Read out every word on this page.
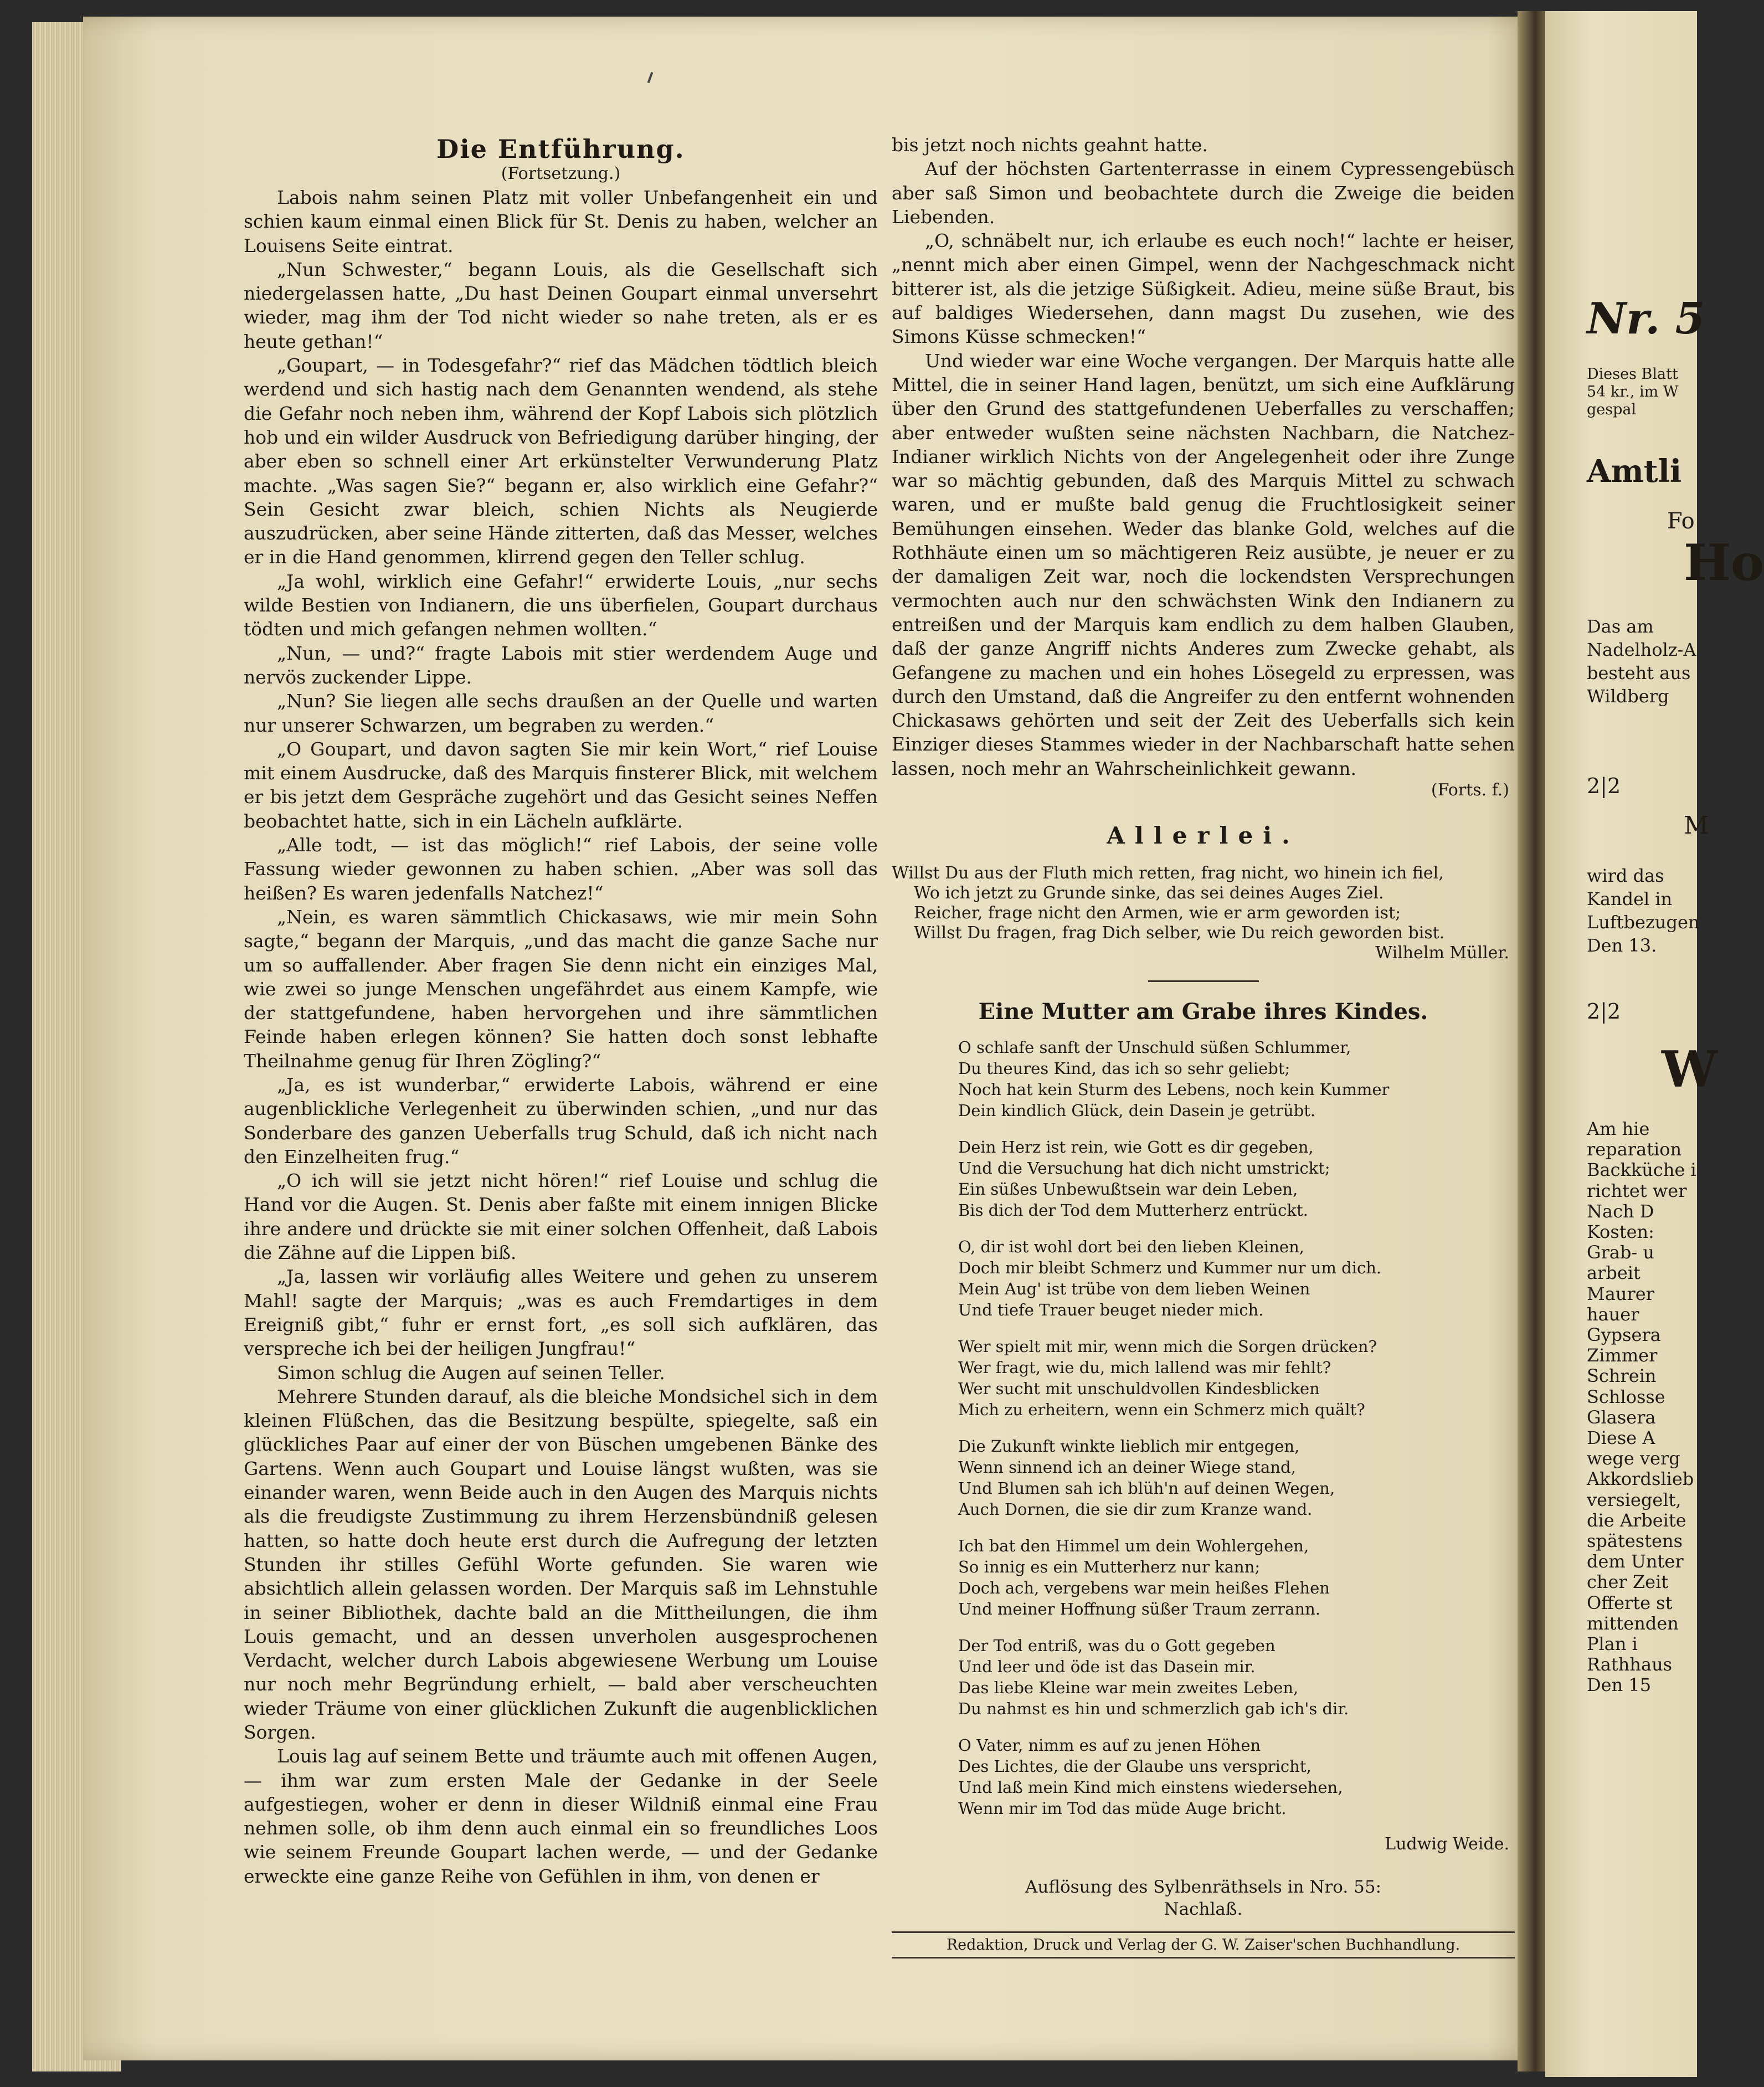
Die Entführung.
(Fortsetzung.)

Labois nahm seinen Platz mit voller Unbefangenheit ein und schien kaum einmal einen Blick für St. Denis zu haben, welcher an Louisens Seite eintrat.

„Nun Schwester,“ begann Louis, als die Gesellschaft sich niedergelassen hatte, „Du hast Deinen Goupart einmal unversehrt wieder, mag ihm der Tod nicht wieder so nahe treten, als er es heute gethan!“

„Goupart, — in Todesgefahr?“ rief das Mädchen tödtlich bleich werdend und sich hastig nach dem Genannten wendend, als stehe die Gefahr noch neben ihm, während der Kopf Labois sich plötzlich hob und ein wilder Ausdruck von Befriedigung darüber hinging, der aber eben so schnell einer Art erkünstelter Verwunderung Platz machte. „Was sagen Sie?“ begann er, also wirklich eine Gefahr?“ Sein Gesicht zwar bleich, schien Nichts als Neugierde auszudrücken, aber seine Hände zitterten, daß das Messer, welches er in die Hand genommen, klirrend gegen den Teller schlug.

„Ja wohl, wirklich eine Gefahr!“ erwiderte Louis, „nur sechs wilde Bestien von Indianern, die uns überfielen, Goupart durchaus tödten und mich gefangen nehmen wollten.“

„Nun, — und?“ fragte Labois mit stier werdendem Auge und nervös zuckender Lippe.

„Nun? Sie liegen alle sechs draußen an der Quelle und warten nur unserer Schwarzen, um begraben zu werden.“

„O Goupart, und davon sagten Sie mir kein Wort,“ rief Louise mit einem Ausdrucke, daß des Marquis finsterer Blick, mit welchem er bis jetzt dem Gespräche zugehört und das Gesicht seines Neffen beobachtet hatte, sich in ein Lächeln aufklärte.

„Alle todt, — ist das möglich!“ rief Labois, der seine volle Fassung wieder gewonnen zu haben schien. „Aber was soll das heißen? Es waren jedenfalls Natchez!“

„Nein, es waren sämmtlich Chickasaws, wie mir mein Sohn sagte,“ begann der Marquis, „und das macht die ganze Sache nur um so auffallender. Aber fragen Sie denn nicht ein einziges Mal, wie zwei so junge Menschen ungefährdet aus einem Kampfe, wie der stattgefundene, haben hervorgehen und ihre sämmtlichen Feinde haben erlegen können? Sie hatten doch sonst lebhafte Theilnahme genug für Ihren Zögling?“

„Ja, es ist wunderbar,“ erwiderte Labois, während er eine augenblickliche Verlegenheit zu überwinden schien, „und nur das Sonderbare des ganzen Ueberfalls trug Schuld, daß ich nicht nach den Einzelheiten frug.“

„O ich will sie jetzt nicht hören!“ rief Louise und schlug die Hand vor die Augen. St. Denis aber faßte mit einem innigen Blicke ihre andere und drückte sie mit einer solchen Offenheit, daß Labois die Zähne auf die Lippen biß.

„Ja, lassen wir vorläufig alles Weitere und gehen zu unserem Mahl! sagte der Marquis; „was es auch Fremdartiges in dem Ereigniß gibt,“ fuhr er ernst fort, „es soll sich aufklären, das verspreche ich bei der heiligen Jungfrau!“

Simon schlug die Augen auf seinen Teller.

Mehrere Stunden darauf, als die bleiche Mondsichel sich in dem kleinen Flüßchen, das die Besitzung bespülte, spiegelte, saß ein glückliches Paar auf einer der von Büschen umgebenen Bänke des Gartens. Wenn auch Goupart und Louise längst wußten, was sie einander waren, wenn Beide auch in den Augen des Marquis nichts als die freudigste Zustimmung zu ihrem Herzensbündniß gelesen hatten, so hatte doch heute erst durch die Aufregung der letzten Stunden ihr stilles Gefühl Worte gefunden. Sie waren wie absichtlich allein gelassen worden. Der Marquis saß im Lehnstuhle in seiner Bibliothek, dachte bald an die Mittheilungen, die ihm Louis gemacht, und an dessen unverholen ausgesprochenen Verdacht, welcher durch Labois abgewiesene Werbung um Louise nur noch mehr Begründung erhielt, — bald aber verscheuchten wieder Träume von einer glücklichen Zukunft die augenblicklichen Sorgen.

Louis lag auf seinem Bette und träumte auch mit offenen Augen, — ihm war zum ersten Male der Gedanke in der Seele aufgestiegen, woher er denn in dieser Wildniß einmal eine Frau nehmen solle, ob ihm denn auch einmal ein so freundliches Loos wie seinem Freunde Goupart lachen werde, — und der Gedanke erweckte eine ganze Reihe von Gefühlen in ihm, von denen er

bis jetzt noch nichts geahnt hatte.

Auf der höchsten Gartenterrasse in einem Cypressengebüsch aber saß Simon und beobachtete durch die Zweige die beiden Liebenden.

„O, schnäbelt nur, ich erlaube es euch noch!“ lachte er heiser, „nennt mich aber einen Gimpel, wenn der Nachgeschmack nicht bitterer ist, als die jetzige Süßigkeit. Adieu, meine süße Braut, bis auf baldiges Wiedersehen, dann magst Du zusehen, wie des Simons Küsse schmecken!“

Und wieder war eine Woche vergangen. Der Marquis hatte alle Mittel, die in seiner Hand lagen, benützt, um sich eine Aufklärung über den Grund des stattgefundenen Ueberfalles zu verschaffen; aber entweder wußten seine nächsten Nachbarn, die Natchez-Indianer wirklich Nichts von der Angelegenheit oder ihre Zunge war so mächtig gebunden, daß des Marquis Mittel zu schwach waren, und er mußte bald genug die Fruchtlosigkeit seiner Bemühungen einsehen. Weder das blanke Gold, welches auf die Rothhäute einen um so mächtigeren Reiz ausübte, je neuer er zu der damaligen Zeit war, noch die lockendsten Versprechungen vermochten auch nur den schwächsten Wink den Indianern zu entreißen und der Marquis kam endlich zu dem halben Glauben, daß der ganze Angriff nichts Anderes zum Zwecke gehabt, als Gefangene zu machen und ein hohes Lösegeld zu erpressen, was durch den Umstand, daß die Angreifer zu den entfernt wohnenden Chickasaws gehörten und seit der Zeit des Ueberfalls sich kein Einziger dieses Stammes wieder in der Nachbarschaft hatte sehen lassen, noch mehr an Wahrscheinlichkeit gewann.

(Forts. f.)
Allerlei.
Willst Du aus der Fluth mich retten, frag nicht, wo hinein ich fiel,
Wo ich jetzt zu Grunde sinke, das sei deines Auges Ziel.
Reicher, frage nicht den Armen, wie er arm geworden ist;
Willst Du fragen, frag Dich selber, wie Du reich geworden bist.
Wilhelm Müller.
Eine Mutter am Grabe ihres Kindes.
O schlafe sanft der Unschuld süßen Schlummer,
Du theures Kind, das ich so sehr geliebt;
Noch hat kein Sturm des Lebens, noch kein Kummer
Dein kindlich Glück, dein Dasein je getrübt.
Dein Herz ist rein, wie Gott es dir gegeben,
Und die Versuchung hat dich nicht umstrickt;
Ein süßes Unbewußtsein war dein Leben,
Bis dich der Tod dem Mutterherz entrückt.
O, dir ist wohl dort bei den lieben Kleinen,
Doch mir bleibt Schmerz und Kummer nur um dich.
Mein Aug' ist trübe von dem lieben Weinen
Und tiefe Trauer beuget nieder mich.
Wer spielt mit mir, wenn mich die Sorgen drücken?
Wer fragt, wie du, mich lallend was mir fehlt?
Wer sucht mit unschuldvollen Kindesblicken
Mich zu erheitern, wenn ein Schmerz mich quält?
Die Zukunft winkte lieblich mir entgegen,
Wenn sinnend ich an deiner Wiege stand,
Und Blumen sah ich blüh'n auf deinen Wegen,
Auch Dornen, die sie dir zum Kranze wand.
Ich bat den Himmel um dein Wohlergehen,
So innig es ein Mutterherz nur kann;
Doch ach, vergebens war mein heißes Flehen
Und meiner Hoffnung süßer Traum zerrann.
Der Tod entriß, was du o Gott gegeben
Und leer und öde ist das Dasein mir.
Das liebe Kleine war mein zweites Leben,
Du nahmst es hin und schmerzlich gab ich's dir.
O Vater, nimm es auf zu jenen Höhen
Des Lichtes, die der Glaube uns verspricht,
Und laß mein Kind mich einstens wiedersehen,
Wenn mir im Tod das müde Auge bricht.
Ludwig Weide.
Auflösung des Sylbenräthsels in Nro. 55:
Nachlaß.
Redaktion, Druck und Verlag der G. W. Zaiser'schen Buchhandlung.
Nr. 5
Dieses Blatt
54 kr., im W
gespal
Amtli
Fo
Ho
Das am
Nadelholz-A
besteht aus
Wildberg
2|2
M
wird das
Kandel in
Luftbezugen
Den 13.
2|2
W
Am hie
reparation
Backküche i
richtet wer
Nach D
Kosten:
Grab- u
arbeit
Maurer
hauer
Gypsera
Zimmer
Schrein
Schlosse
Glasera
Diese A
wege verg
Akkordslieb
versiegelt,
die Arbeite
spätestens
dem Unter
cher Zeit
Offerte st
mittenden
Plan i
Rathhaus
Den 15
